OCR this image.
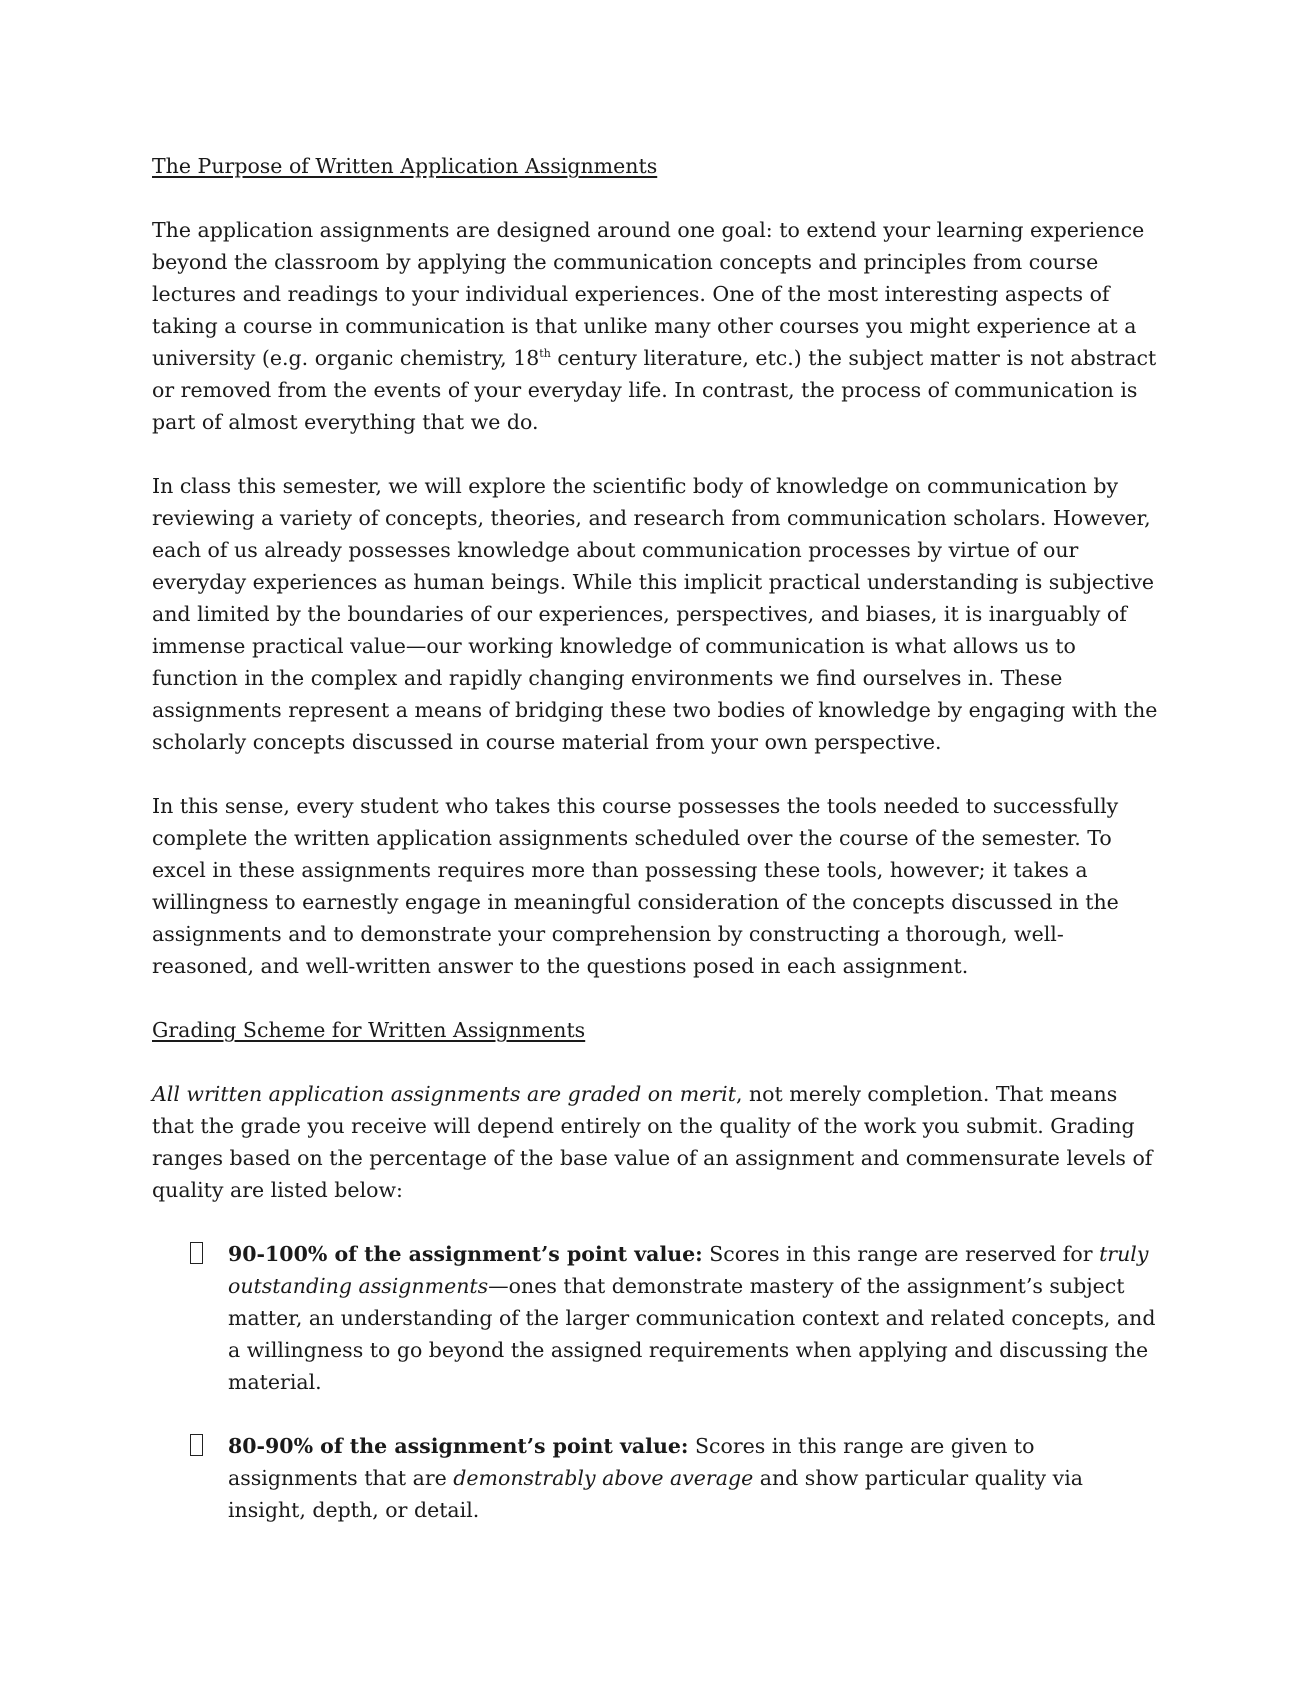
The Purpose of Written Application Assignments

The application assignments are designed around one goal: to extend your learning experience beyond the classroom by applying the communication concepts and principles from course lectures and readings to your individual experiences. One of the most interesting aspects of taking a course in communication is that unlike many other courses you might experience at a university (e.g. organic chemistry, 18th century literature, etc.) the subject matter is not abstract or removed from the events of your everyday life. In contrast, the process of communication is part of almost everything that we do.

In class this semester, we will explore the scientific body of knowledge on communication by reviewing a variety of concepts, theories, and research from communication scholars. However, each of us already possesses knowledge about communication processes by virtue of our everyday experiences as human beings. While this implicit practical understanding is subjective and limited by the boundaries of our experiences, perspectives, and biases, it is inarguably of immense practical value—our working knowledge of communication is what allows us to function in the complex and rapidly changing environments we find ourselves in. These assignments represent a means of bridging these two bodies of knowledge by engaging with the scholarly concepts discussed in course material from your own perspective.

In this sense, every student who takes this course possesses the tools needed to successfully complete the written application assignments scheduled over the course of the semester. To excel in these assignments requires more than possessing these tools, however; it takes a willingness to earnestly engage in meaningful consideration of the concepts discussed in the assignments and to demonstrate your comprehension by constructing a thorough, well-reasoned, and well-written answer to the questions posed in each assignment.

Grading Scheme for Written Assignments

All written application assignments are graded on merit, not merely completion. That means that the grade you receive will depend entirely on the quality of the work you submit. Grading ranges based on the percentage of the base value of an assignment and commensurate levels of quality are listed below:

90-100% of the assignment’s point value: Scores in this range are reserved for truly outstanding assignments—ones that demonstrate mastery of the assignment’s subject matter, an understanding of the larger communication context and related concepts, and a willingness to go beyond the assigned requirements when applying and discussing the material.
80-90% of the assignment’s point value: Scores in this range are given to assignments that are demonstrably above average and show particular quality via insight, depth, or detail.
